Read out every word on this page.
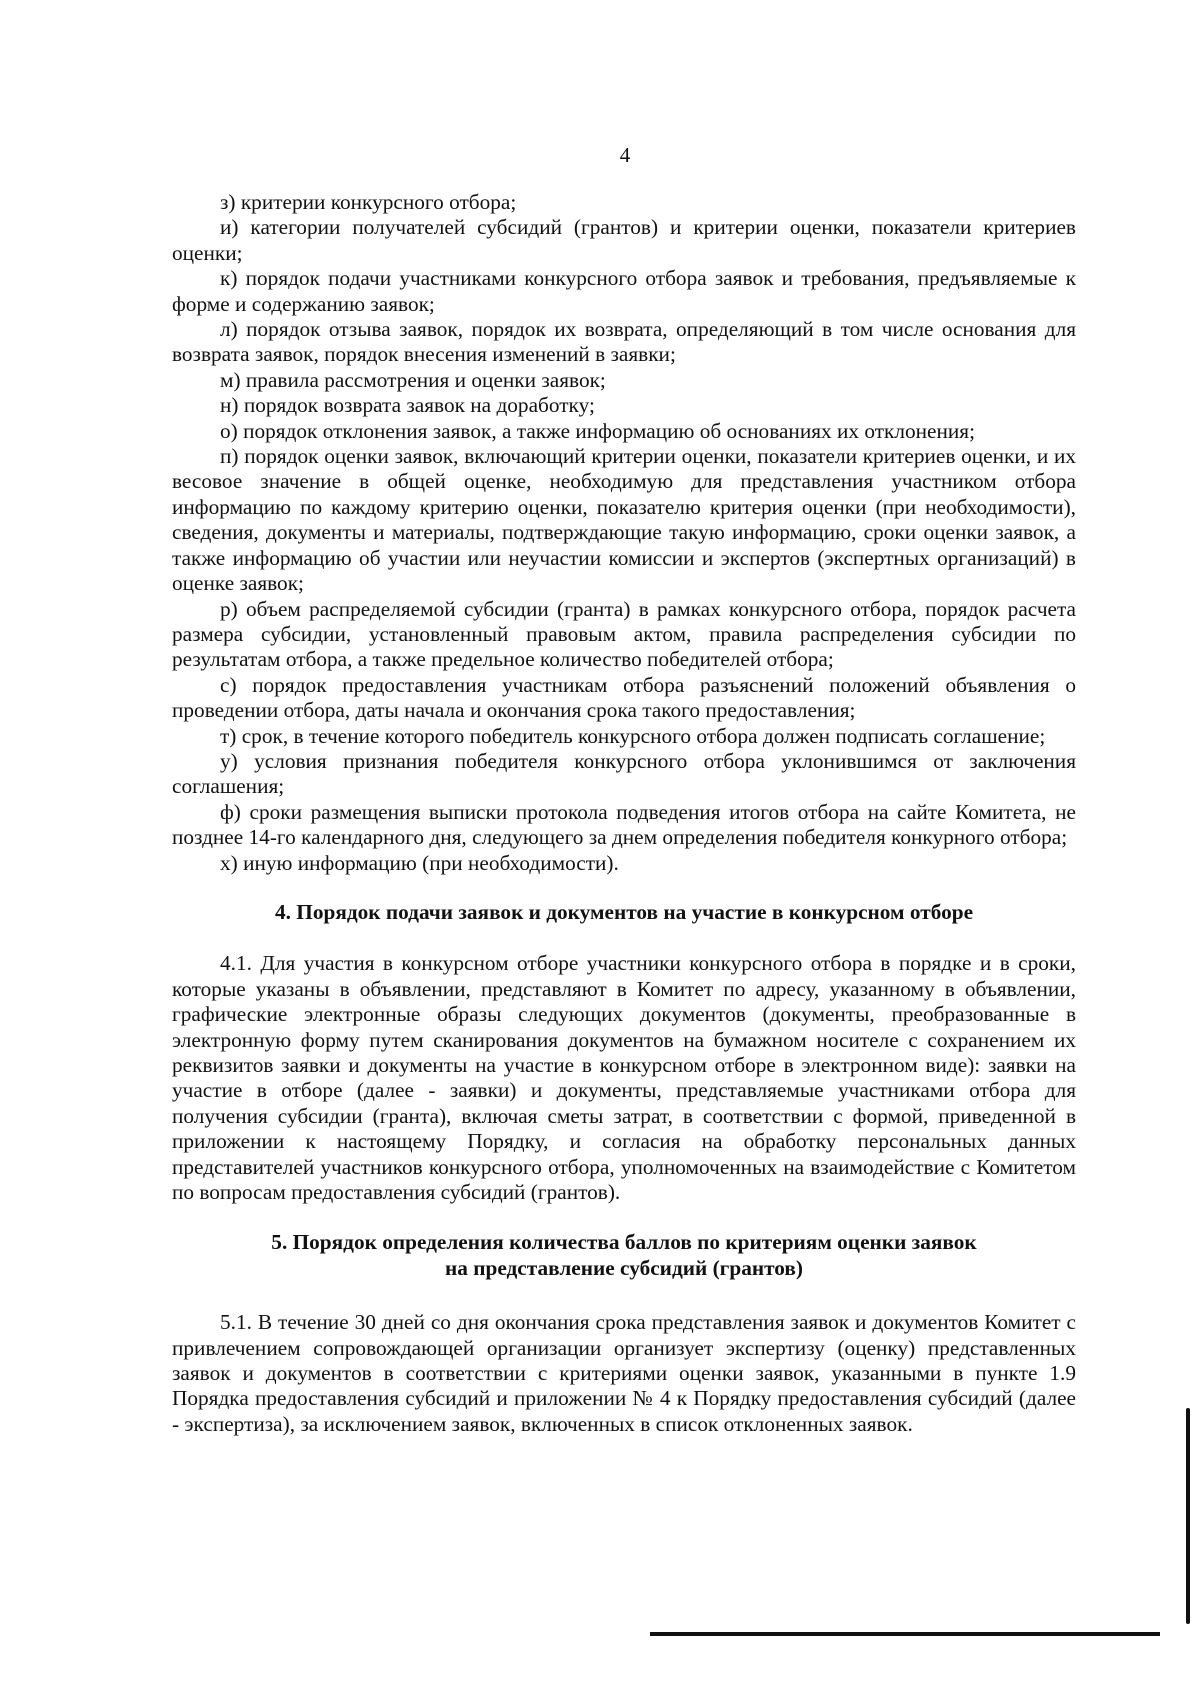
4

з) критерии конкурсного отбора;

и) категории получателей субсидий (грантов) и критерии оценки, показатели критериев оценки;

к) порядок подачи участниками конкурсного отбора заявок и требования, предъявляемые к форме и содержанию заявок;

л) порядок отзыва заявок, порядок их возврата, определяющий в том числе основания для возврата заявок, порядок внесения изменений в заявки;

м) правила рассмотрения и оценки заявок;

н) порядок возврата заявок на доработку;

о) порядок отклонения заявок, а также информацию об основаниях их отклонения;

п) порядок оценки заявок, включающий критерии оценки, показатели критериев оценки, и их весовое значение в общей оценке, необходимую для представления участником отбора информацию по каждому критерию оценки, показателю критерия оценки (при необходимости), сведения, документы и материалы, подтверждающие такую информацию, сроки оценки заявок, а также информацию об участии или неучастии комиссии и экспертов (экспертных организаций) в оценке заявок;

р) объем распределяемой субсидии (гранта) в рамках конкурсного отбора, порядок расчета размера субсидии, установленный правовым актом, правила распределения субсидии по результатам отбора, а также предельное количество победителей отбора;

с) порядок предоставления участникам отбора разъяснений положений объявления о проведении отбора, даты начала и окончания срока такого предоставления;

т) срок, в течение которого победитель конкурсного отбора должен подписать соглашение;

у) условия признания победителя конкурсного отбора уклонившимся от заключения соглашения;

ф) сроки размещения выписки протокола подведения итогов отбора на сайте Комитета, не позднее 14-го календарного дня, следующего за днем определения победителя конкурного отбора;

х) иную информацию (при необходимости).

4. Порядок подачи заявок и документов на участие в конкурсном отборе

4.1. Для участия в конкурсном отборе участники конкурсного отбора в порядке и в сроки, которые указаны в объявлении, представляют в Комитет по адресу, указанному в объявлении, графические электронные образы следующих документов (документы, преобразованные в электронную форму путем сканирования документов на бумажном носителе с сохранением их реквизитов заявки и документы на участие в конкурсном отборе в электронном виде): заявки на участие в отборе (далее - заявки) и документы, представляемые участниками отбора для получения субсидии (гранта), включая сметы затрат, в соответствии с формой, приведенной в приложении к настоящему Порядку, и согласия на обработку персональных данных представителей участников конкурсного отбора, уполномоченных на взаимодействие с Комитетом по вопросам предоставления субсидий (грантов).

5. Порядок определения количества баллов по критериям оценки заявок
на представление субсидий (грантов)

5.1. В течение 30 дней со дня окончания срока представления заявок и документов Комитет с привлечением сопровождающей организации организует экспертизу (оценку) представленных заявок и документов в соответствии с критериями оценки заявок, указанными в пункте 1.9 Порядка предоставления субсидий и приложении № 4 к Порядку предоставления субсидий (далее - экспертиза), за исключением заявок, включенных в список отклоненных заявок.
